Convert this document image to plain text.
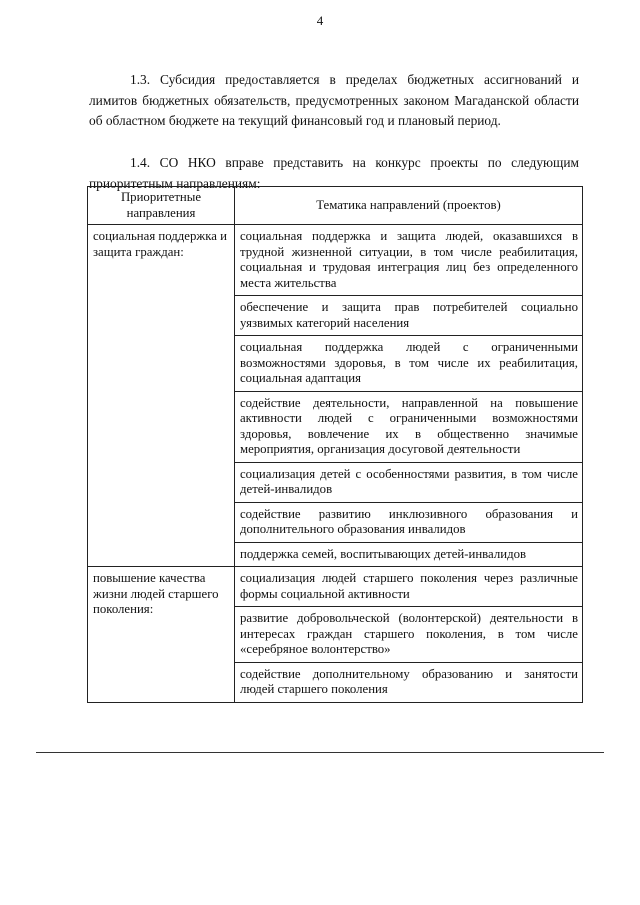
4

1.3. Субсидия предоставляется в пределах бюджетных ассигнований и лимитов бюджетных обязательств, предусмотренных законом Магаданской области об областном бюджете на текущий финансовый год и плановый период.

1.4. СО НКО вправе представить на конкурс проекты по следующим приоритетным направлениям:

Приоритетные направления	Тематика направлений (проектов)
социальная поддержка и защита граждан:	социальная поддержка и защита людей, оказавшихся в трудной жизненной ситуации, в том числе реабилитация, социальная и трудовая интеграция лиц без определенного места жительства
	обеспечение и защита прав потребителей социально уязвимых категорий населения
	социальная поддержка людей с ограниченными возможностями здоровья, в том числе их реабилитация, социальная адаптация
	содействие деятельности, направленной на повышение активности людей с ограниченными возможностями здоровья, вовлечение их в общественно значимые мероприятия, организация досуговой деятельности
	социализация детей с особенностями развития, в том числе детей-инвалидов
	содействие развитию инклюзивного образования и дополнительного образования инвалидов
	поддержка семей, воспитывающих детей-инвалидов
повышение качества жизни людей старшего поколения:	социализация людей старшего поколения через различные формы социальной активности
	развитие добровольческой (волонтерской) деятельности в интересах граждан старшего поколения, в том числе «серебряное волонтерство»
	содействие дополнительному образованию и занятости людей старшего поколения
